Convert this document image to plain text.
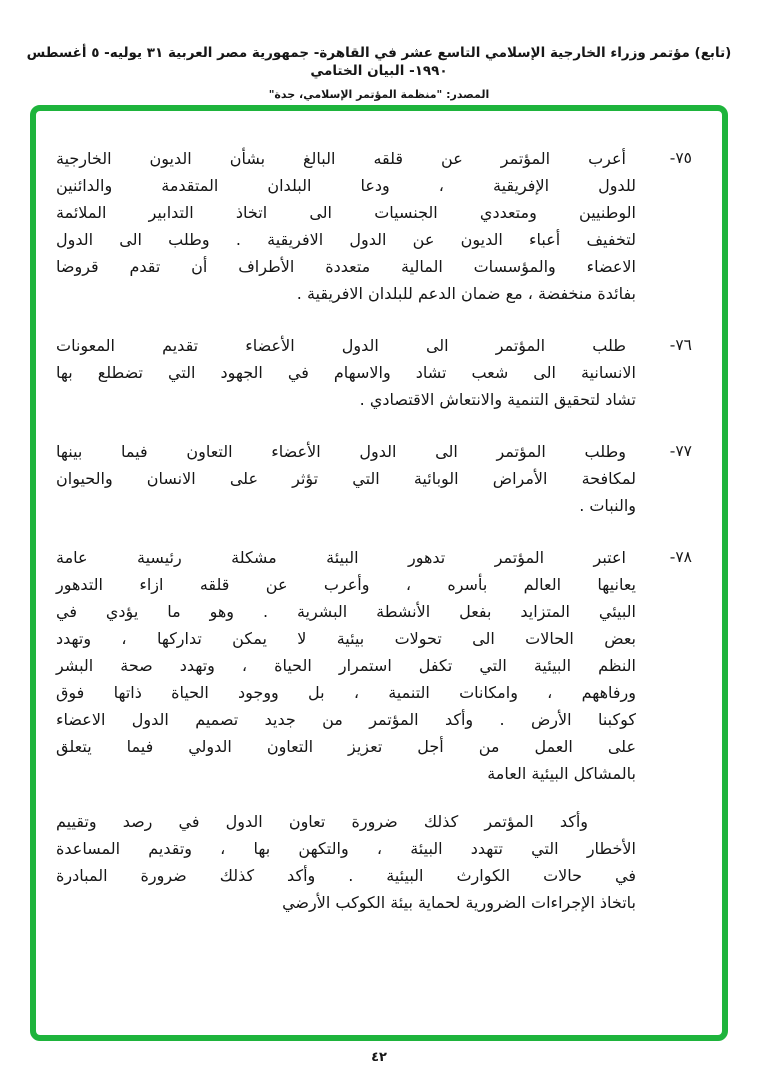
(تابع) مؤتمر وزراء الخارجية الإسلامي التاسع عشر في القاهرة- جمهورية مصر العربية ٣١ يوليه- ٥ أغسطس ١٩٩٠- البيان الختامي
المصدر: "منظمة المؤتمر الإسلامي، جدة"
٧٥-
أعرب المؤتمر عن قلقه البالغ بشأن الديون الخارجية
للدول الإفريقية ، ودعا البلدان المتقدمة والدائنين
الوطنيين ومتعددي الجنسيات الى اتخاذ التدابير الملائمة
لتخفيف أعباء الديون عن الدول الافريقية . وطلب الى الدول
الاعضاء والمؤسسات المالية متعددة الأطراف أن تقدم قروضا
بفائدة منخفضة ، مع ضمان الدعم للبلدان الافريقية .
٧٦-
طلب المؤتمر الى الدول الأعضاء تقديم المعونات
الانسانية الى شعب تشاد والاسهام في الجهود التي تضطلع بها
تشاد لتحقيق التنمية والانتعاش الاقتصادي .
٧٧-
وطلب المؤتمر الى الدول الأعضاء التعاون فيما بينها
لمكافحة الأمراض الوبائية التي تؤثر على الانسان والحيوان
والنبات .
٧٨-
اعتبر المؤتمر تدهور البيئة مشكلة رئيسية عامة
يعانيها العالم بأسره ، وأعرب عن قلقه ازاء التدهور
البيئي المتزايد بفعل الأنشطة البشرية . وهو ما يؤدي في
بعض الحالات الى تحولات بيئية لا يمكن تداركها ، وتهدد
النظم البيئية التي تكفل استمرار الحياة ، وتهدد صحة البشر
ورفاههم ، وامكانات التنمية ، بل ووجود الحياة ذاتها فوق
كوكبنا الأرض . وأكد المؤتمر من جديد تصميم الدول الاعضاء
على العمل من أجل تعزيز التعاون الدولي فيما يتعلق
بالمشاكل البيئية العامة
وأكد المؤتمر كذلك ضرورة تعاون الدول في رصد وتقييم
الأخطار التي تتهدد البيئة ، والتكهن بها ، وتقديم المساعدة
في حالات الكوارث البيئية . وأكد كذلك ضرورة المبادرة
باتخاذ الإجراءات الضرورية لحماية بيئة الكوكب الأرضي
٤٢
